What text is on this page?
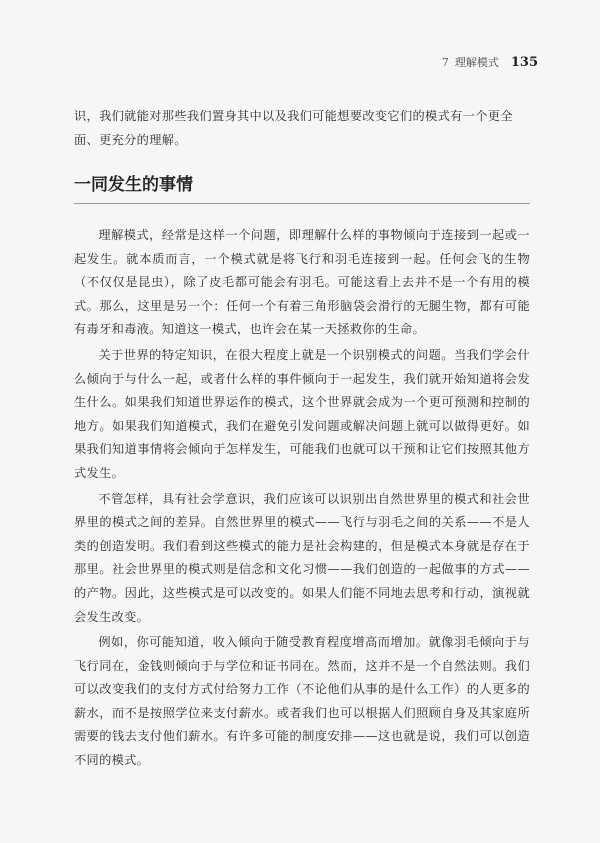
7 理解模式 135

识，我们就能对那些我们置身其中以及我们可能想要改变它们的模式有一个更全面、更充分的理解。

一同发生的事情

理解模式，经常是这样一个问题，即理解什么样的事物倾向于连接到一起或一起发生。就本质而言，一个模式就是将飞行和羽毛连接到一起。任何会飞的生物（不仅仅是昆虫），除了皮毛都可能会有羽毛。可能这看上去并不是一个有用的模式。那么，这里是另一个：任何一个有着三角形脑袋会滑行的无腿生物，都有可能有毒牙和毒液。知道这一模式，也许会在某一天拯救你的生命。

关于世界的特定知识，在很大程度上就是一个识别模式的问题。当我们学会什么倾向于与什么一起，或者什么样的事件倾向于一起发生，我们就开始知道将会发生什么。如果我们知道世界运作的模式，这个世界就会成为一个更可预测和控制的地方。如果我们知道模式，我们在避免引发问题或解决问题上就可以做得更好。如果我们知道事情将会倾向于怎样发生，可能我们也就可以干预和让它们按照其他方式发生。

不管怎样，具有社会学意识，我们应该可以识别出自然世界里的模式和社会世界里的模式之间的差异。自然世界里的模式——飞行与羽毛之间的关系——不是人类的创造发明。我们看到这些模式的能力是社会构建的，但是模式本身就是存在于那里。社会世界里的模式则是信念和文化习惯——我们创造的一起做事的方式——的产物。因此，这些模式是可以改变的。如果人们能不同地去思考和行动，演视就会发生改变。

例如，你可能知道，收入倾向于随受教育程度增高而增加。就像羽毛倾向于与飞行同在，金钱则倾向于与学位和证书同在。然而，这并不是一个自然法则。我们可以改变我们的支付方式付给努力工作（不论他们从事的是什么工作）的人更多的薪水，而不是按照学位来支付薪水。或者我们也可以根据人们照顾自身及其家庭所需要的钱去支付他们薪水。有许多可能的制度安排——这也就是说，我们可以创造不同的模式。
